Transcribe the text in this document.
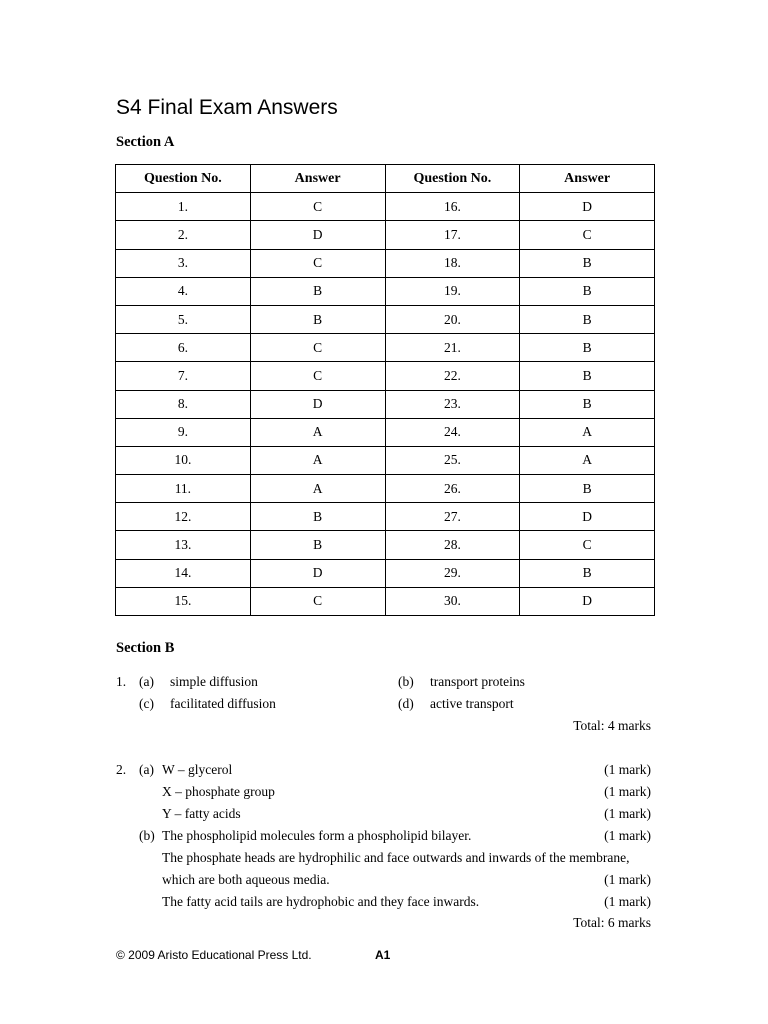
S4 Final Exam Answers
Section A
Question No.	Answer	Question No.	Answer
1.	C	16.	D
2.	D	17.	C
3.	C	18.	B
4.	B	19.	B
5.	B	20.	B
6.	C	21.	B
7.	C	22.	B
8.	D	23.	B
9.	A	24.	A
10.	A	25.	A
11.	A	26.	B
12.	B	27.	D
13.	B	28.	C
14.	D	29.	B
15.	C	30.	D
Section B
1. (a) simple diffusion	(b) transport proteins
(c) facilitated diffusion	(d) active transport
Total: 4 marks
2. (a) W – glycerol	(1 mark)
X – phosphate group	(1 mark)
Y – fatty acids	(1 mark)
(b) The phospholipid molecules form a phospholipid bilayer.	(1 mark)
The phosphate heads are hydrophilic and face outwards and inwards of the membrane,
which are both aqueous media.	(1 mark)
The fatty acid tails are hydrophobic and they face inwards.	(1 mark)
Total: 6 marks
© 2009 Aristo Educational Press Ltd.	A1
